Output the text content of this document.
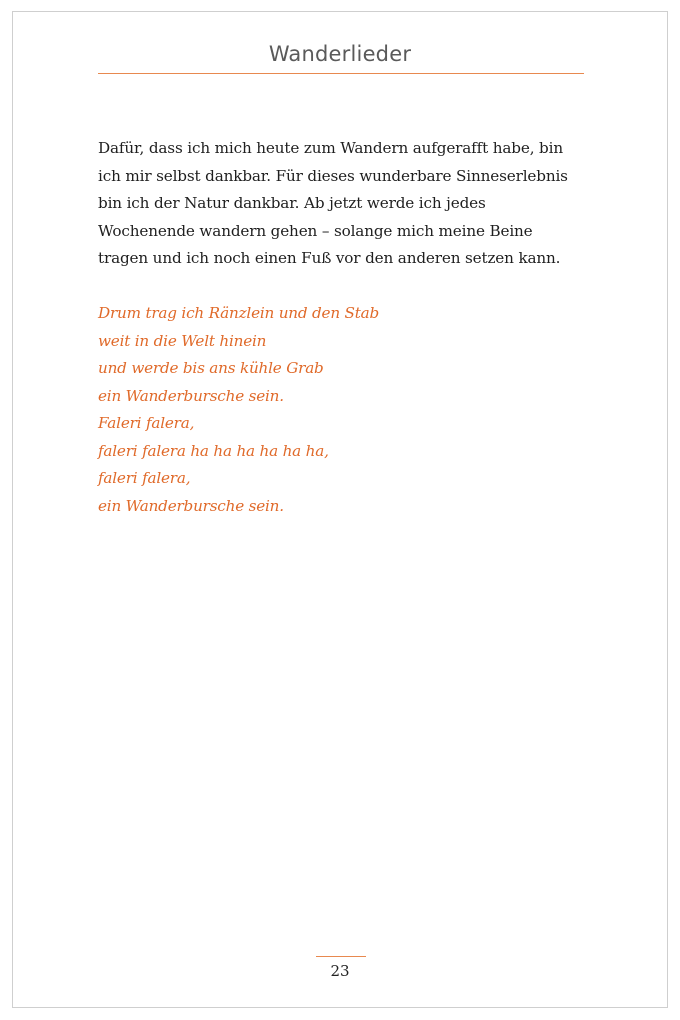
Wanderlieder

Dafür, dass ich mich heute zum Wandern aufgerafft habe, bin ich mir selbst dankbar. Für dieses wunderbare Sinneserlebnis bin ich der Natur dankbar. Ab jetzt werde ich jedes Wochenende wandern gehen – solange mich meine Beine tragen und ich noch einen Fuß vor den anderen setzen kann.

Drum trag ich Ränzlein und den Stab
weit in die Welt hinein
und werde bis ans kühle Grab
ein Wanderbursche sein.
Faleri falera,
faleri falera ha ha ha ha ha ha,
faleri falera,
ein Wanderbursche sein.
23
